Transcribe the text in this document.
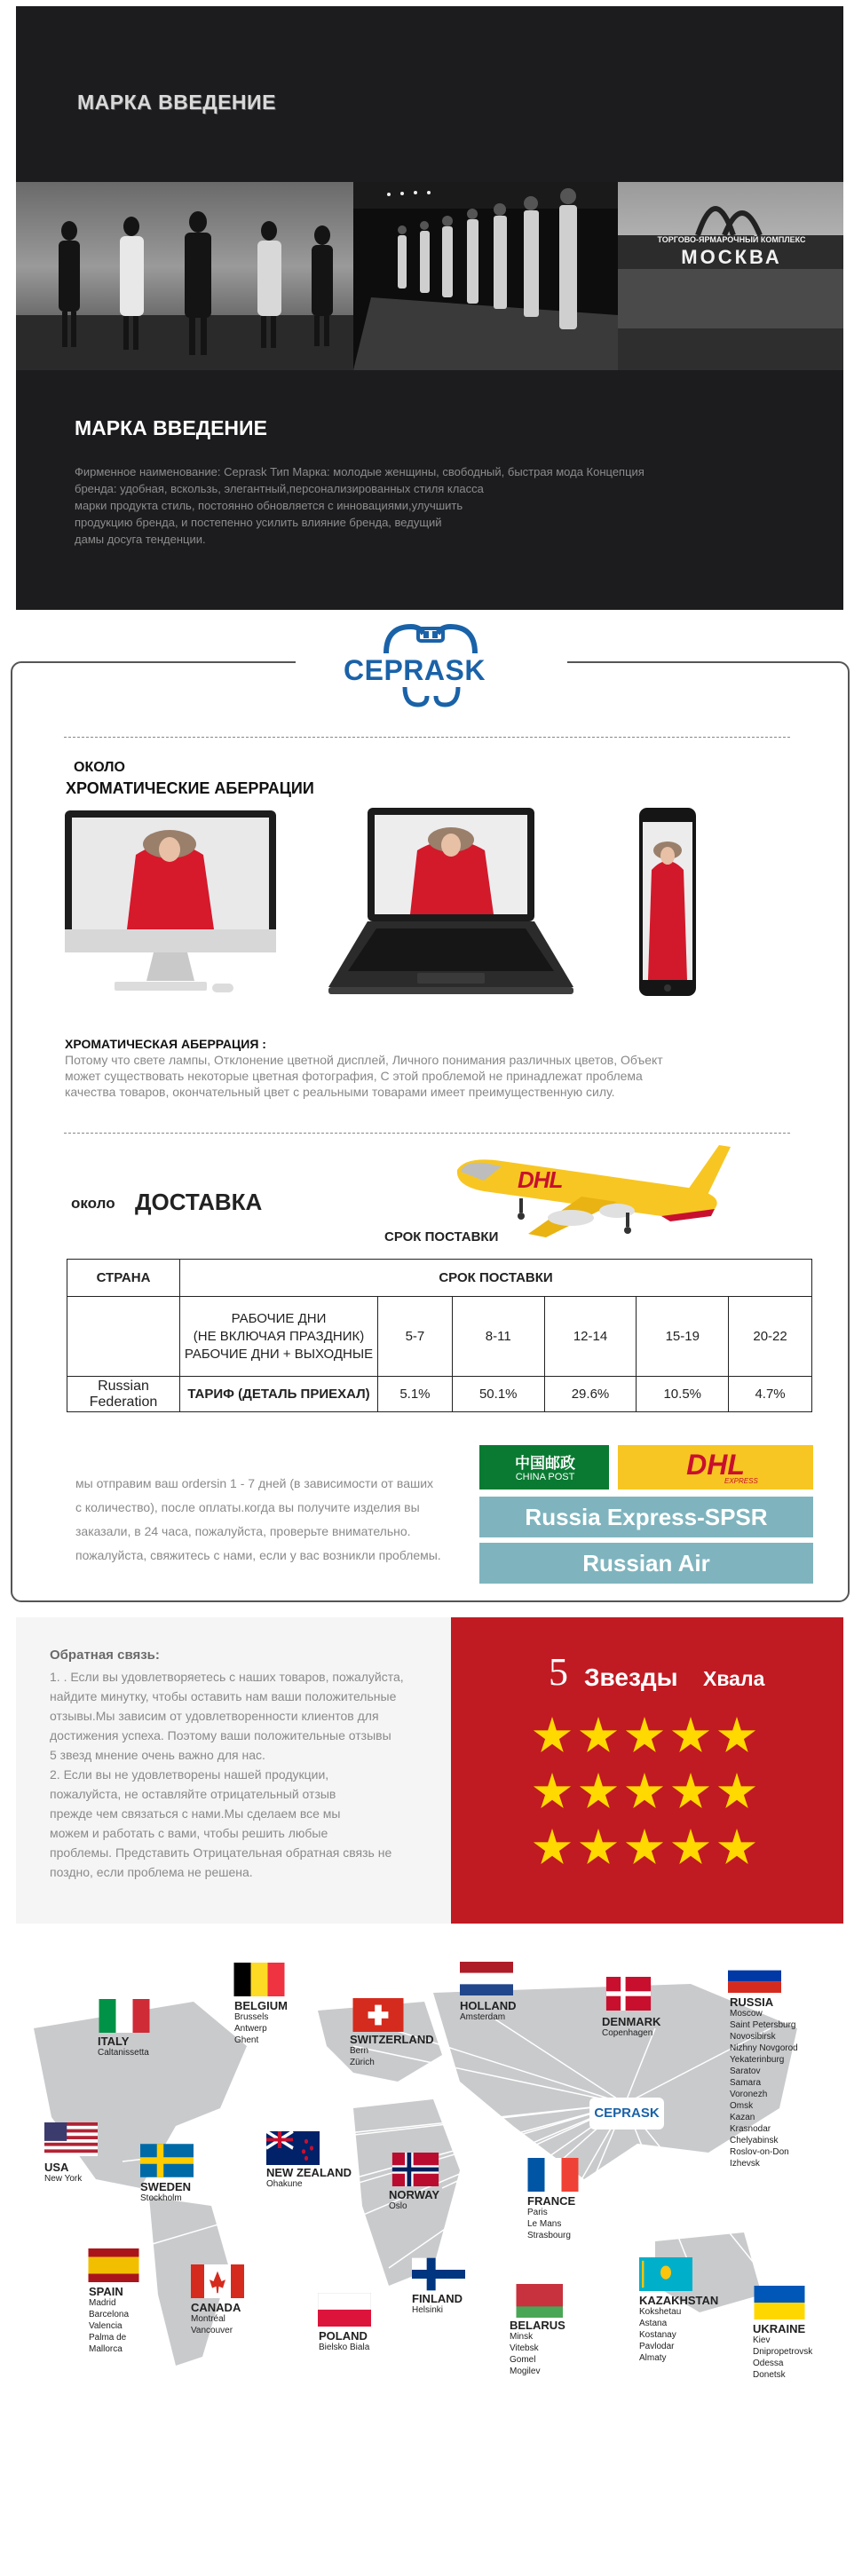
МАРКА ВВЕДЕНИЕ
ТОРГОВО-ЯРМАРОЧНЫЙ КОМПЛЕКС
МОСКВА
МАРКА ВВЕДЕНИЕ
Фирменное наименование: Ceprask Тип Марка: молодые женщины, свободный, быстрая мода Концепция
бренда: удобная, вскользь, элегантный,персонализированных стиля класса
марки продукта стиль, постоянно обновляется с инновациями,улучшить
продукцию бренда, и постепенно усилить влияние бренда, ведущий
дамы досуга тенденции.
CEPRASK
ОКОЛО
ХРОМАТИЧЕСКИЕ АБЕРРАЦИИ
ХРОМАТИЧЕСКАЯ АБЕРРАЦИЯ :
Потому что свете лампы, Отклонение цветной дисплей, Личного понимания различных цветов, Объект
может существовать некоторые цветная фотография, С этой проблемой не принадлежат проблема
качества товаров, окончательный цвет с реальными товарами имеет преимущественную силу.
около ДОСТАВКА
СРОК ПОСТАВКИ
DHL
СТРАНА	СРОК ПОСТАВКИ					

	РАБОЧИЕ ДНИ
(НЕ ВКЛЮЧАЯ ПРАЗДНИК)
РАБОЧИЕ ДНИ + ВЫХОДНЫЕ	5-7	8-11	12-14	15-19	20-22

Russian
Federation	ТАРИФ (ДЕТАЛЬ ПРИЕХАЛ)	5.1%	50.1%	29.6%	10.5%	4.7%
мы отправим ваш ordersin 1 - 7 дней (в зависимости от ваших
с количество), после оплаты.когда вы получите изделия вы
заказали, в 24 часа, пожалуйста, проверьте внимательно.
пожалуйста, свяжитесь с нами, если у вас возникли проблемы.
中国邮政
CHINA POST	DHL
EXPRESS
Russia Express-SPSR
Russian Air
Обратная связь:
1. . Если вы удовлетворяетесь с наших товаров, пожалуйста,
найдите минутку, чтобы оставить нам ваши положительные
отзывы.Мы зависим от удовлетворенности клиентов для
достижения успеха. Поэтому ваши положительные отзывы
5 звезд мнение очень важно для нас.
2. Если вы не удовлетворены нашей продукции,
пожалуйста, не оставляйте отрицательный отзыв
прежде чем связаться с нами.Мы сделаем все мы
можем и работать с вами, чтобы решить любые
проблемы. Представить Отрицательная обратная связь не
поздно, если проблема не решена.
5 Звезды Хвала
CEPRASK
ITALY
Caltanissetta
BELGIUM
Brussels
Antwerp
Ghent	SWITZERLAND
Bern
Zürich
HOLLAND
Amsterdam	DENMARK
Copenhagen
RUSSIA
Moscow
Saint Petersburg
Novosibirsk
Nizhny Novgorod
Yekaterinburg
Saratov
Samara
Voronezh
Omsk
Kazan
Krasnodar
Chelyabinsk
Roslov-on-Don
Izhevsk
USA
New York
SWEDEN
Stockholm
NEW ZEALAND
Ohakune
NORWAY
Oslo	FRANCE
Paris
Le Mans
Strasbourg
SPAIN
Madrid
Barcelona
Valencia
Palma de
Mallorca
CANADA
Montréal
Vancouver	POLAND
Bielsko Biala
FINLAND
Helsinki
BELARUS
Minsk
Vitebsk
Gomel
Mogilev
KAZAKHSTAN
Kokshetau
Astana
Kostanay
Pavlodar
Almaty
UKRAINE
Kiev
Dnipropetrovsk
Odessa
Donetsk
